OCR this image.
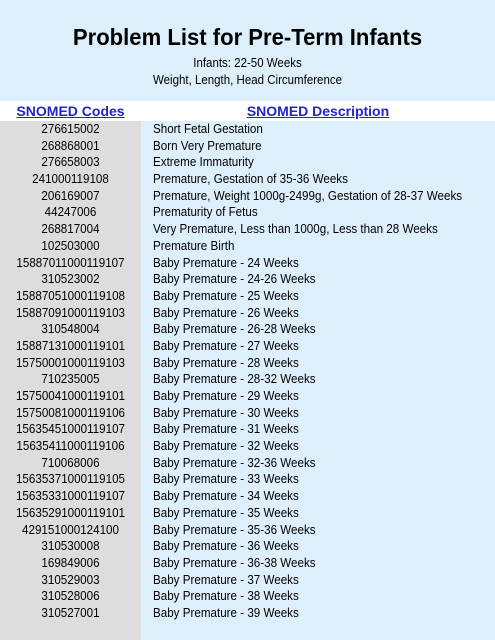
Problem List for Pre-Term Infants
Infants: 22-50 Weeks
Weight, Length, Head Circumference
SNOMED Codes	SNOMED Description
276615002	Short Fetal Gestation
268868001	Born Very Premature
276658003	Extreme Immaturity
241000119108	Premature, Gestation of 35-36 Weeks
206169007	Premature, Weight 1000g-2499g, Gestation of 28-37 Weeks
44247006	Prematurity of Fetus
268817004	Very Premature, Less than 1000g, Less than 28 Weeks
102503000	Premature Birth
15887011000119107	Baby Premature - 24 Weeks
310523002	Baby Premature - 24-26 Weeks
15887051000119108	Baby Premature - 25 Weeks
15887091000119103	Baby Premature - 26 Weeks
310548004	Baby Premature - 26-28 Weeks
15887131000119101	Baby Premature - 27 Weeks
15750001000119103	Baby Premature - 28 Weeks
710235005	Baby Premature - 28-32 Weeks
15750041000119101	Baby Premature - 29 Weeks
15750081000119106	Baby Premature - 30 Weeks
15635451000119107	Baby Premature - 31 Weeks
15635411000119106	Baby Premature - 32 Weeks
710068006	Baby Premature - 32-36 Weeks
15635371000119105	Baby Premature - 33 Weeks
15635331000119107	Baby Premature - 34 Weeks
15635291000119101	Baby Premature - 35 Weeks
429151000124100	Baby Premature - 35-36 Weeks
310530008	Baby Premature - 36 Weeks
169849006	Baby Premature - 36-38 Weeks
310529003	Baby Premature - 37 Weeks
310528006	Baby Premature - 38 Weeks
310527001	Baby Premature - 39 Weeks
